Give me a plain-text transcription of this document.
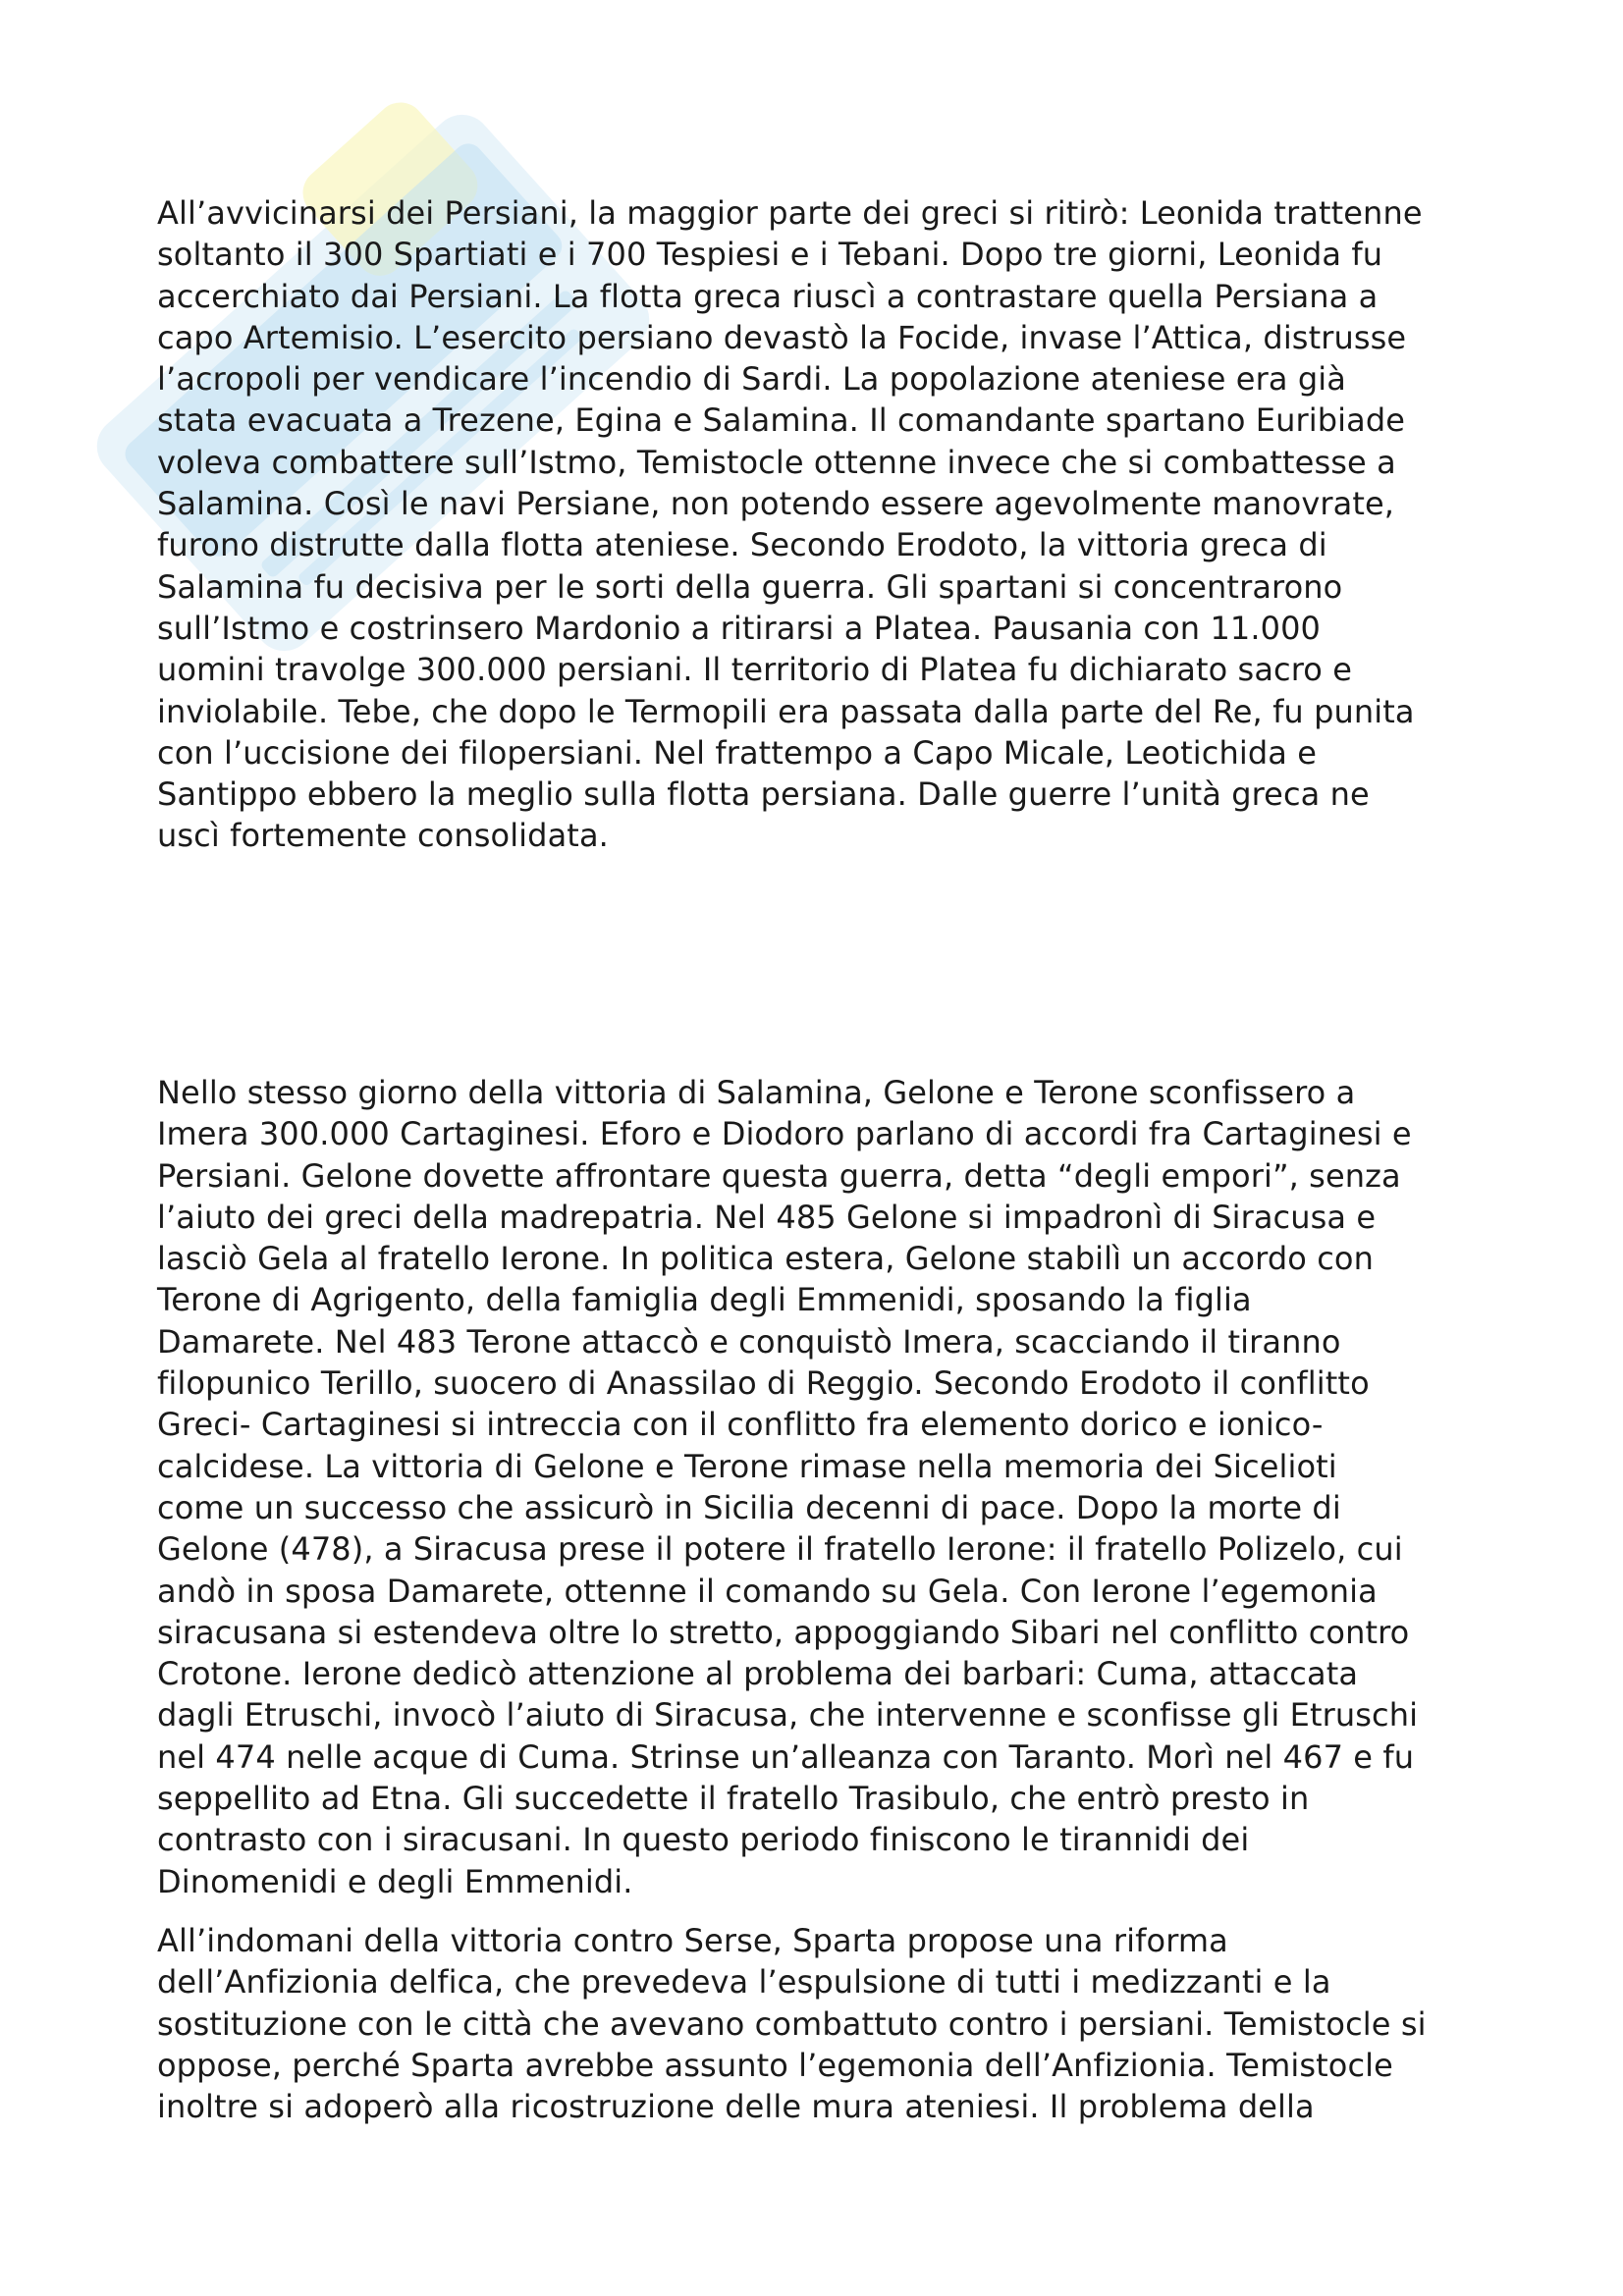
All’avvicinarsi dei Persiani, la maggior parte dei greci si ritirò: Leonida trattenne
soltanto il 300 Spartiati e i 700 Tespiesi e i Tebani. Dopo tre giorni, Leonida fu
accerchiato dai Persiani. La flotta greca riuscì a contrastare quella Persiana a
capo Artemisio. L’esercito persiano devastò la Focide, invase l’Attica, distrusse
l’acropoli per vendicare l’incendio di Sardi. La popolazione ateniese era già
stata evacuata a Trezene, Egina e Salamina. Il comandante spartano Euribiade
voleva combattere sull’Istmo, Temistocle ottenne invece che si combattesse a
Salamina. Così le navi Persiane, non potendo essere agevolmente manovrate,
furono distrutte dalla flotta ateniese. Secondo Erodoto, la vittoria greca di
Salamina fu decisiva per le sorti della guerra. Gli spartani si concentrarono
sull’Istmo e costrinsero Mardonio a ritirarsi a Platea. Pausania con 11.000
uomini travolge 300.000 persiani. Il territorio di Platea fu dichiarato sacro e
inviolabile. Tebe, che dopo le Termopili era passata dalla parte del Re, fu punita
con l’uccisione dei filopersiani. Nel frattempo a Capo Micale, Leotichida e
Santippo ebbero la meglio sulla flotta persiana. Dalle guerre l’unità greca ne
uscì fortemente consolidata.

Nello stesso giorno della vittoria di Salamina, Gelone e Terone sconfissero a
Imera 300.000 Cartaginesi. Eforo e Diodoro parlano di accordi fra Cartaginesi e
Persiani. Gelone dovette affrontare questa guerra, detta “degli empori”, senza
l’aiuto dei greci della madrepatria. Nel 485 Gelone si impadronì di Siracusa e
lasciò Gela al fratello Ierone. In politica estera, Gelone stabilì un accordo con
Terone di Agrigento, della famiglia degli Emmenidi, sposando la figlia
Damarete. Nel 483 Terone attaccò e conquistò Imera, scacciando il tiranno
filopunico Terillo, suocero di Anassilao di Reggio. Secondo Erodoto il conflitto
Greci- Cartaginesi si intreccia con il conflitto fra elemento dorico e ionico-
calcidese. La vittoria di Gelone e Terone rimase nella memoria dei Sicelioti
come un successo che assicurò in Sicilia decenni di pace. Dopo la morte di
Gelone (478), a Siracusa prese il potere il fratello Ierone: il fratello Polizelo, cui
andò in sposa Damarete, ottenne il comando su Gela. Con Ierone l’egemonia
siracusana si estendeva oltre lo stretto, appoggiando Sibari nel conflitto contro
Crotone. Ierone dedicò attenzione al problema dei barbari: Cuma, attaccata
dagli Etruschi, invocò l’aiuto di Siracusa, che intervenne e sconfisse gli Etruschi
nel 474 nelle acque di Cuma. Strinse un’alleanza con Taranto. Morì nel 467 e fu
seppellito ad Etna. Gli succedette il fratello Trasibulo, che entrò presto in
contrasto con i siracusani. In questo periodo finiscono le tirannidi dei
Dinomenidi e degli Emmenidi.

All’indomani della vittoria contro Serse, Sparta propose una riforma
dell’Anfizionia delfica, che prevedeva l’espulsione di tutti i medizzanti e la
sostituzione con le città che avevano combattuto contro i persiani. Temistocle si
oppose, perché Sparta avrebbe assunto l’egemonia dell’Anfizionia. Temistocle
inoltre si adoperò alla ricostruzione delle mura ateniesi. Il problema della
